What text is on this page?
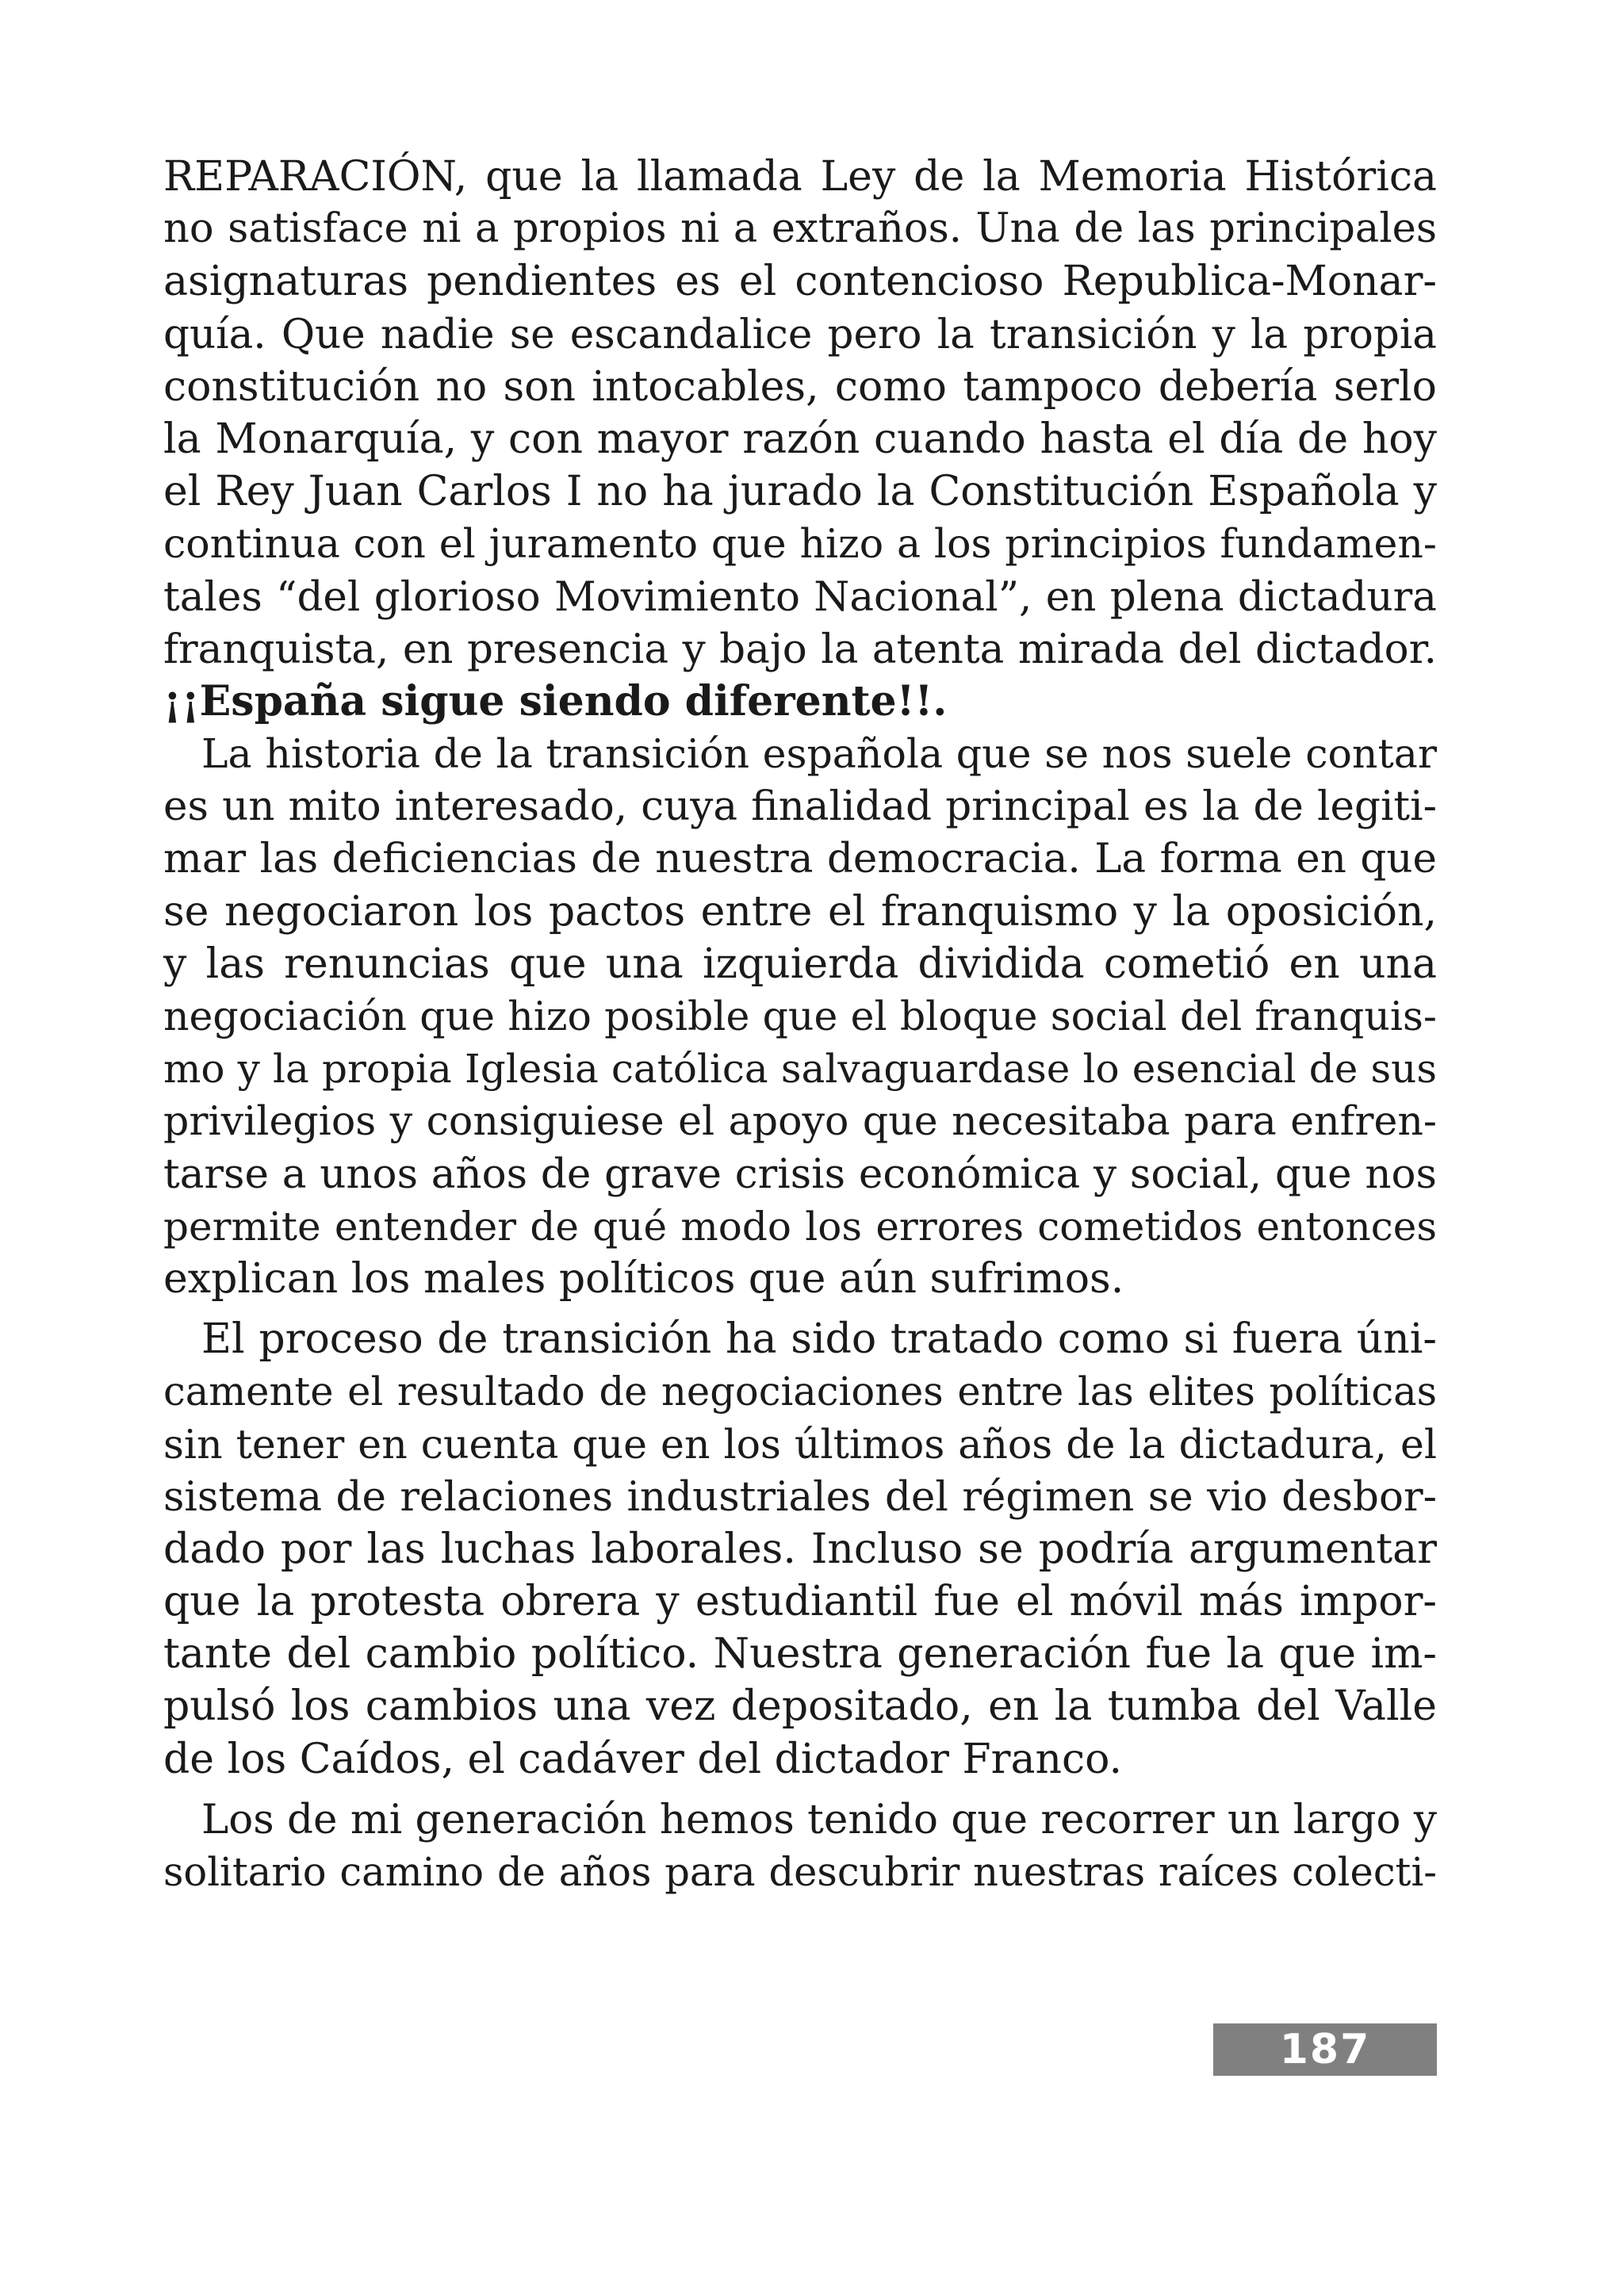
REPARACIÓN, que la llamada Ley de la Memoria Histórica
no satisface ni a propios ni a extraños. Una de las principales
asignaturas pendientes es el contencioso Republica-Monar-
quía. Que nadie se escandalice pero la transición y la propia
constitución no son intocables, como tampoco debería serlo
la Monarquía, y con mayor razón cuando hasta el día de hoy
el Rey Juan Carlos I no ha jurado la Constitución Española y
continua con el juramento que hizo a los principios fundamen-
tales “del glorioso Movimiento Nacional”, en plena dictadura
franquista, en presencia y bajo la atenta mirada del dictador.
¡¡España sigue siendo diferente!!.
La historia de la transición española que se nos suele contar
es un mito interesado, cuya finalidad principal es la de legiti-
mar las deficiencias de nuestra democracia. La forma en que
se negociaron los pactos entre el franquismo y la oposición,
y las renuncias que una izquierda dividida cometió en una
negociación que hizo posible que el bloque social del franquis-
mo y la propia Iglesia católica salvaguardase lo esencial de sus
privilegios y consiguiese el apoyo que necesitaba para enfren-
tarse a unos años de grave crisis económica y social, que nos
permite entender de qué modo los errores cometidos entonces
explican los males políticos que aún sufrimos.
El proceso de transición ha sido tratado como si fuera úni-
camente el resultado de negociaciones entre las elites políticas
sin tener en cuenta que en los últimos años de la dictadura, el
sistema de relaciones industriales del régimen se vio desbor-
dado por las luchas laborales. Incluso se podría argumentar
que la protesta obrera y estudiantil fue el móvil más impor-
tante del cambio político. Nuestra generación fue la que im-
pulsó los cambios una vez depositado, en la tumba del Valle
de los Caídos, el cadáver del dictador Franco.
Los de mi generación hemos tenido que recorrer un largo y
solitario camino de años para descubrir nuestras raíces colecti-
187
